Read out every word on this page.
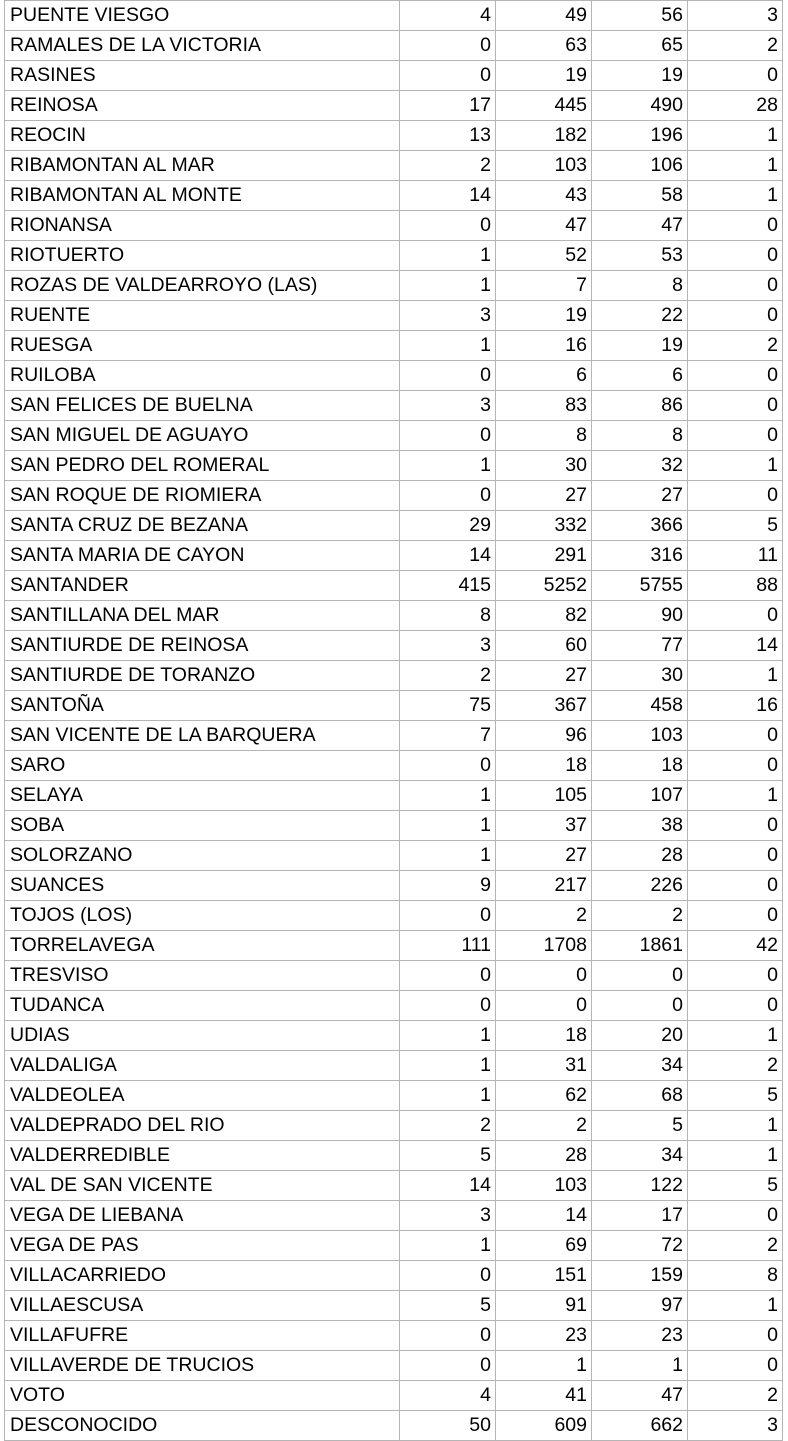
PUENTE VIESGO	4	49	56	3
RAMALES DE LA VICTORIA	0	63	65	2
RASINES	0	19	19	0
REINOSA	17	445	490	28
REOCIN	13	182	196	1
RIBAMONTAN AL MAR	2	103	106	1
RIBAMONTAN AL MONTE	14	43	58	1
RIONANSA	0	47	47	0
RIOTUERTO	1	52	53	0
ROZAS DE VALDEARROYO (LAS)	1	7	8	0
RUENTE	3	19	22	0
RUESGA	1	16	19	2
RUILOBA	0	6	6	0
SAN FELICES DE BUELNA	3	83	86	0
SAN MIGUEL DE AGUAYO	0	8	8	0
SAN PEDRO DEL ROMERAL	1	30	32	1
SAN ROQUE DE RIOMIERA	0	27	27	0
SANTA CRUZ DE BEZANA	29	332	366	5
SANTA MARIA DE CAYON	14	291	316	11
SANTANDER	415	5252	5755	88
SANTILLANA DEL MAR	8	82	90	0
SANTIURDE DE REINOSA	3	60	77	14
SANTIURDE DE TORANZO	2	27	30	1
SANTOÑA	75	367	458	16
SAN VICENTE DE LA BARQUERA	7	96	103	0
SARO	0	18	18	0
SELAYA	1	105	107	1
SOBA	1	37	38	0
SOLORZANO	1	27	28	0
SUANCES	9	217	226	0
TOJOS (LOS)	0	2	2	0
TORRELAVEGA	111	1708	1861	42
TRESVISO	0	0	0	0
TUDANCA	0	0	0	0
UDIAS	1	18	20	1
VALDALIGA	1	31	34	2
VALDEOLEA	1	62	68	5
VALDEPRADO DEL RIO	2	2	5	1
VALDERREDIBLE	5	28	34	1
VAL DE SAN VICENTE	14	103	122	5
VEGA DE LIEBANA	3	14	17	0
VEGA DE PAS	1	69	72	2
VILLACARRIEDO	0	151	159	8
VILLAESCUSA	5	91	97	1
VILLAFUFRE	0	23	23	0
VILLAVERDE DE TRUCIOS	0	1	1	0
VOTO	4	41	47	2
DESCONOCIDO	50	609	662	3
